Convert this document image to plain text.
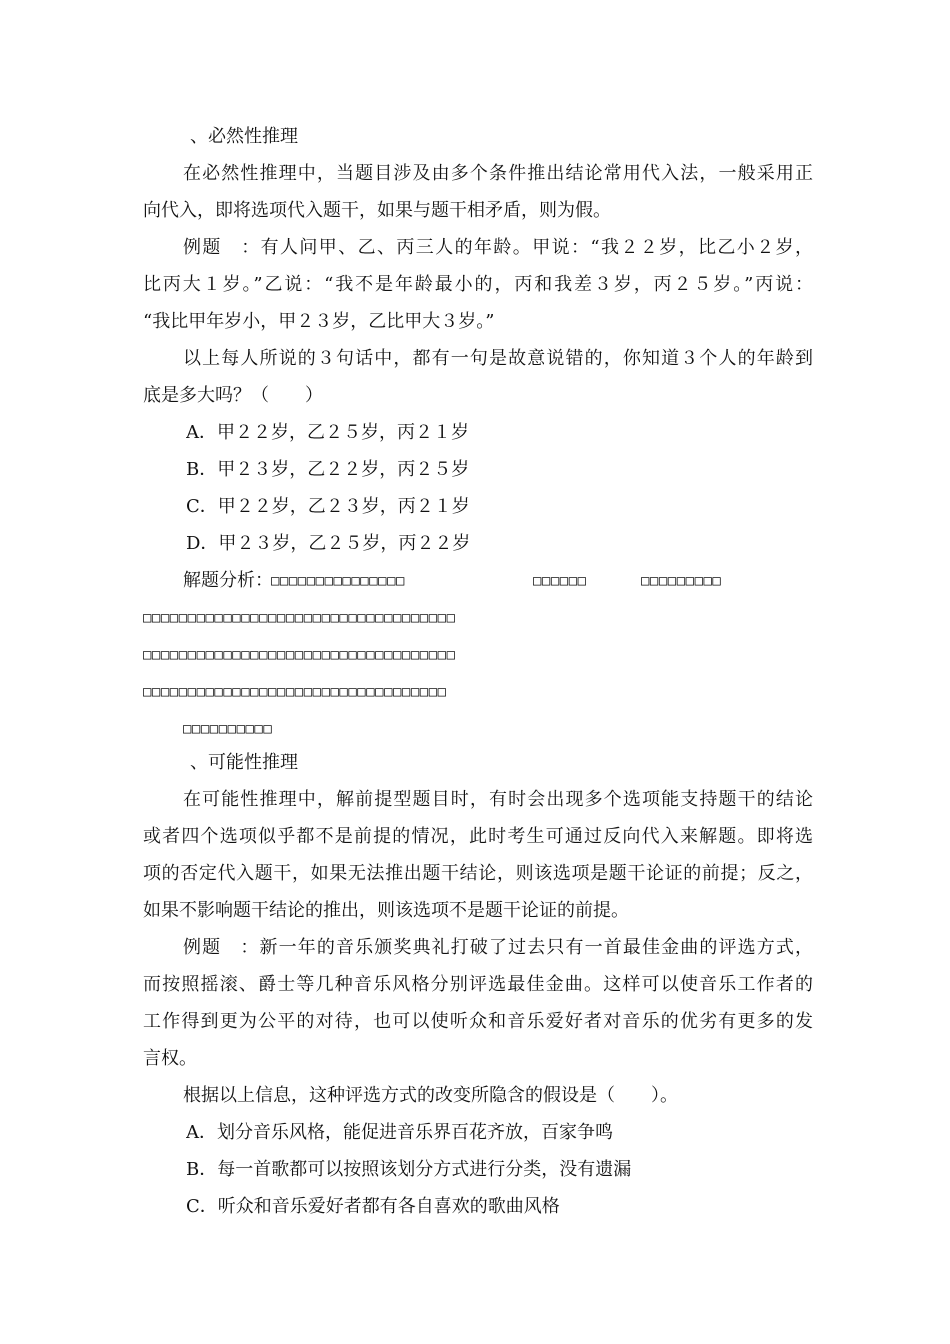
、必然性推理
在必然性推理中，当题目涉及由多个条件推出结论常用代入法，一般采用正
向代入，即将选项代入题干，如果与题干相矛盾，则为假。
例题　：有人问甲、乙、丙三人的年龄。甲说：“我２２岁，比乙小２岁，
比丙大１岁。”乙说：“我不是年龄最小的，丙和我差３岁，丙２５岁。”丙说：
“我比甲年岁小，甲２３岁，乙比甲大３岁。”
以上每人所说的３句话中，都有一句是故意说错的，你知道３个人的年龄到
底是多大吗？（　　）
A．甲２２岁，乙２５岁，丙２１岁
B．甲２３岁，乙２２岁，丙２５岁
C．甲２２岁，乙２３岁，丙２１岁
D．甲２３岁，乙２５岁，丙２２岁
解题分析：
□□□□□□□□□□□□□□□	□□□□□□	□□□□□□□□□
□□□□□□□□□□□□□□□□□□□□□□□□□□□□□□□□□□□
□□□□□□□□□□□□□□□□□□□□□□□□□□□□□□□□□□□
□□□□□□□□□□□□□□□□□□□□□□□□□□□□□□□□□□
□□□□□□□□□□
、可能性推理
在可能性推理中，解前提型题目时，有时会出现多个选项能支持题干的结论
或者四个选项似乎都不是前提的情况，此时考生可通过反向代入来解题。即将选
项的否定代入题干，如果无法推出题干结论，则该选项是题干论证的前提；反之，
如果不影响题干结论的推出，则该选项不是题干论证的前提。
例题　：新一年的音乐颁奖典礼打破了过去只有一首最佳金曲的评选方式，
而按照摇滚、爵士等几种音乐风格分别评选最佳金曲。这样可以使音乐工作者的
工作得到更为公平的对待，也可以使听众和音乐爱好者对音乐的优劣有更多的发
言权。
根据以上信息，这种评选方式的改变所隐含的假设是（　　）。
A．划分音乐风格，能促进音乐界百花齐放，百家争鸣
B．每一首歌都可以按照该划分方式进行分类，没有遗漏
C．听众和音乐爱好者都有各自喜欢的歌曲风格
